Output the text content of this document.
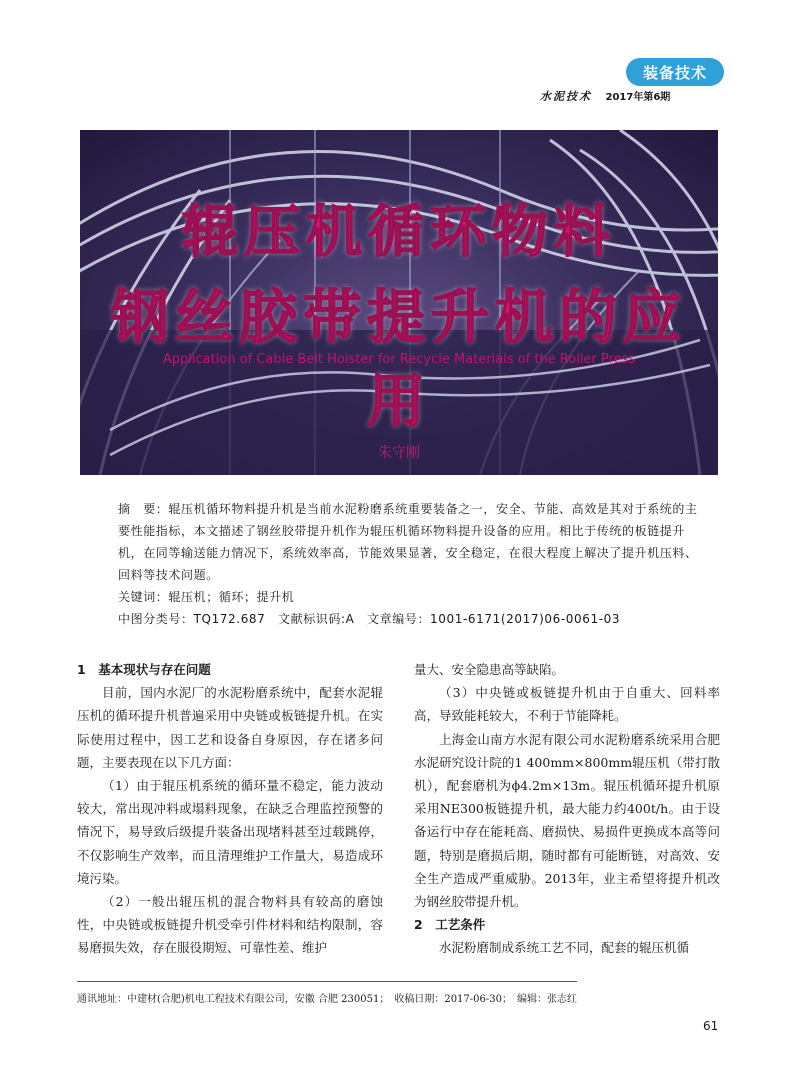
装备技术
水泥技术 2017年第6期
辊压机循环物料
钢丝胶带提升机的应用
Application of Cable Belt Hoister for Recycle Materials of the Roller Press
朱守刚

摘　要：辊压机循环物料提升机是当前水泥粉磨系统重要装备之一，安全、节能、高效是其对于系统的主要性能指标，本文描述了钢丝胶带提升机作为辊压机循环物料提升设备的应用。相比于传统的板链提升机，在同等输送能力情况下，系统效率高，节能效果显著，安全稳定，在很大程度上解决了提升机压料、回料等技术问题。

关键词：辊压机；循环；提升机

中图分类号：TQ172.687　文献标识码:A　文章编号：1001-6171(2017)06-0061-03

1　基本现状与存在问题

目前，国内水泥厂的水泥粉磨系统中，配套水泥辊压机的循环提升机普遍采用中央链或板链提升机。在实际使用过程中，因工艺和设备自身原因，存在诸多问题，主要表现在以下几方面：

（1）由于辊压机系统的循环量不稳定，能力波动较大，常出现冲料或塌料现象，在缺乏合理监控预警的情况下，易导致后级提升装备出现堵料甚至过载跳停，不仅影响生产效率，而且清理维护工作量大，易造成环境污染。

（2）一般出辊压机的混合物料具有较高的磨蚀性，中央链或板链提升机受牵引件材料和结构限制，容易磨损失效，存在服役期短、可靠性差、维护

量大、安全隐患高等缺陷。

（3）中央链或板链提升机由于自重大、回料率高，导致能耗较大，不利于节能降耗。

上海金山南方水泥有限公司水泥粉磨系统采用合肥水泥研究设计院的1 400mm×800mm辊压机（带打散机），配套磨机为ϕ4.2m×13m。辊压机循环提升机原采用NE300板链提升机，最大能力约400t/h。由于设备运行中存在能耗高、磨损快、易损件更换成本高等问题，特别是磨损后期，随时都有可能断链，对高效、安全生产造成严重威胁。2013年，业主希望将提升机改为钢丝胶带提升机。

2　工艺条件

水泥粉磨制成系统工艺不同，配套的辊压机循

通讯地址：中建材(合肥)机电工程技术有限公司，安徽 合肥 230051；　收稿日期：2017-06-30；　编辑：张志红
61
